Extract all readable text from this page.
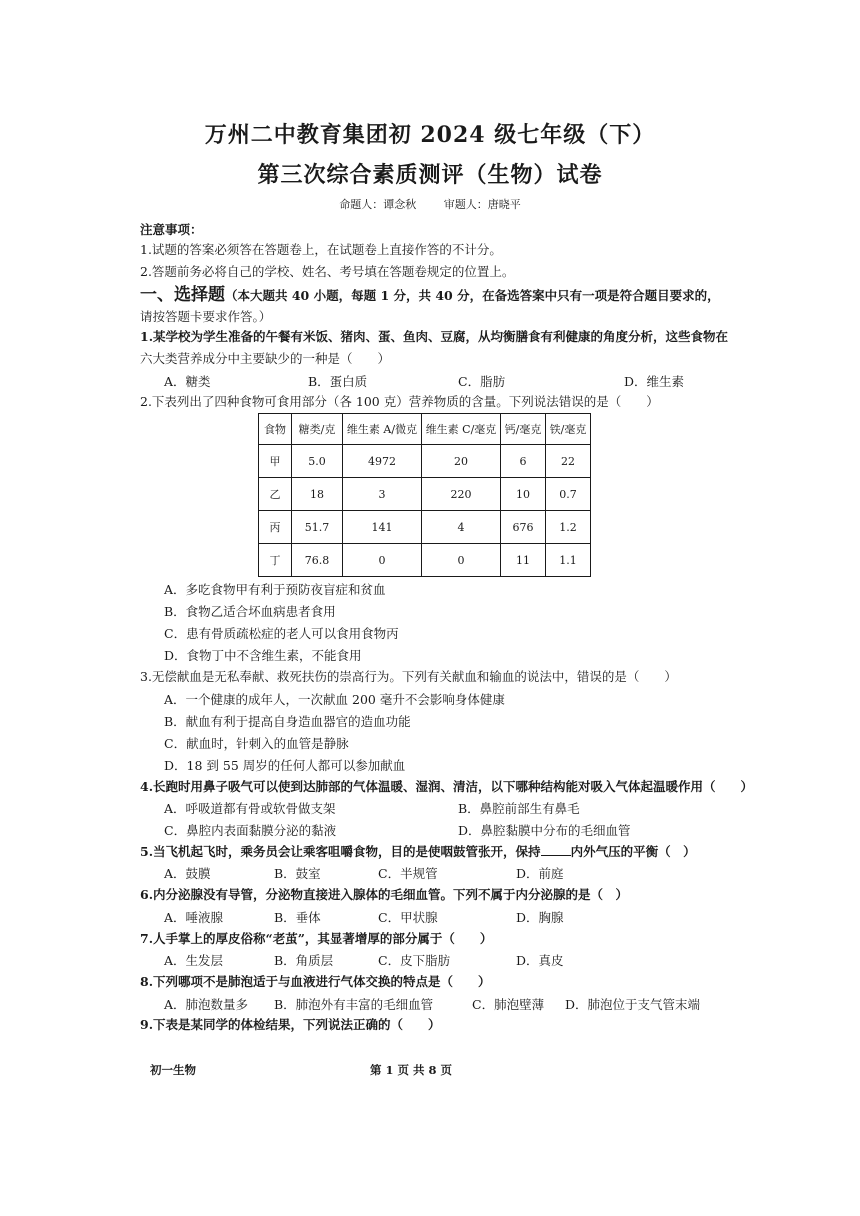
万州二中教育集团初 2024 级七年级（下）
第三次综合素质测评（生物）试卷
命题人：谭念秋	审题人：唐晓平
注意事项：
1.试题的答案必须答在答题卷上，在试题卷上直接作答的不计分。
2.答题前务必将自己的学校、姓名、考号填在答题卷规定的位置上。
一、选择题（本大题共 40 小题，每题 1 分，共 40 分，在备选答案中只有一项是符合题目要求的，
请按答题卡要求作答。）
1.某学校为学生准备的午餐有米饭、猪肉、蛋、鱼肉、豆腐，从均衡膳食有利健康的角度分析，这些食物在
六大类营养成分中主要缺少的一种是（　　）
A．糖类	B．蛋白质	C．脂肪	D．维生素
2.下表列出了四种食物可食用部分（各 100 克）营养物质的含量。下列说法错误的是（　　）
食物	糖类/克	维生素 A/微克	维生素 C/毫克	钙/毫克	铁/毫克
甲	5.0	4972	20	6	22
乙	18	3	220	10	0.7
丙	51.7	141	4	676	1.2
丁	76.8	0	0	11	1.1
A．多吃食物甲有利于预防夜盲症和贫血
B．食物乙适合坏血病患者食用
C．患有骨质疏松症的老人可以食用食物丙
D．食物丁中不含维生素，不能食用
3.无偿献血是无私奉献、救死扶伤的崇高行为。下列有关献血和输血的说法中，错误的是（　　）
A．一个健康的成年人，一次献血 200 毫升不会影响身体健康
B．献血有利于提高自身造血器官的造血功能
C．献血时，针刺入的血管是静脉
D．18 到 55 周岁的任何人都可以参加献血
4.长跑时用鼻子吸气可以使到达肺部的气体温暖、湿润、清洁，以下哪种结构能对吸入气体起温暖作用（　　）
A．呼吸道都有骨或软骨做支架	B．鼻腔前部生有鼻毛
C．鼻腔内表面黏膜分泌的黏液	D．鼻腔黏膜中分布的毛细血管
5.当飞机起飞时，乘务员会让乘客咀嚼食物，目的是使咽鼓管张开，保持 内外气压的平衡（　）
A．鼓膜	B．鼓室	C．半规管	D．前庭
6.内分泌腺没有导管，分泌物直接进入腺体的毛细血管。下列不属于内分泌腺的是（　）
A．唾液腺	B．垂体	C．甲状腺	D．胸腺
7.人手掌上的厚皮俗称“老茧”，其显著增厚的部分属于（　　）
A．生发层	B．角质层	C．皮下脂肪	D．真皮
8.下列哪项不是肺泡适于与血液进行气体交换的特点是（　　）
A．肺泡数量多 B．肺泡外有丰富的毛细血管	C．肺泡壁薄 D．肺泡位于支气管末端
9.下表是某同学的体检结果，下列说法正确的（　　）
初一生物	第 1 页 共 8 页
